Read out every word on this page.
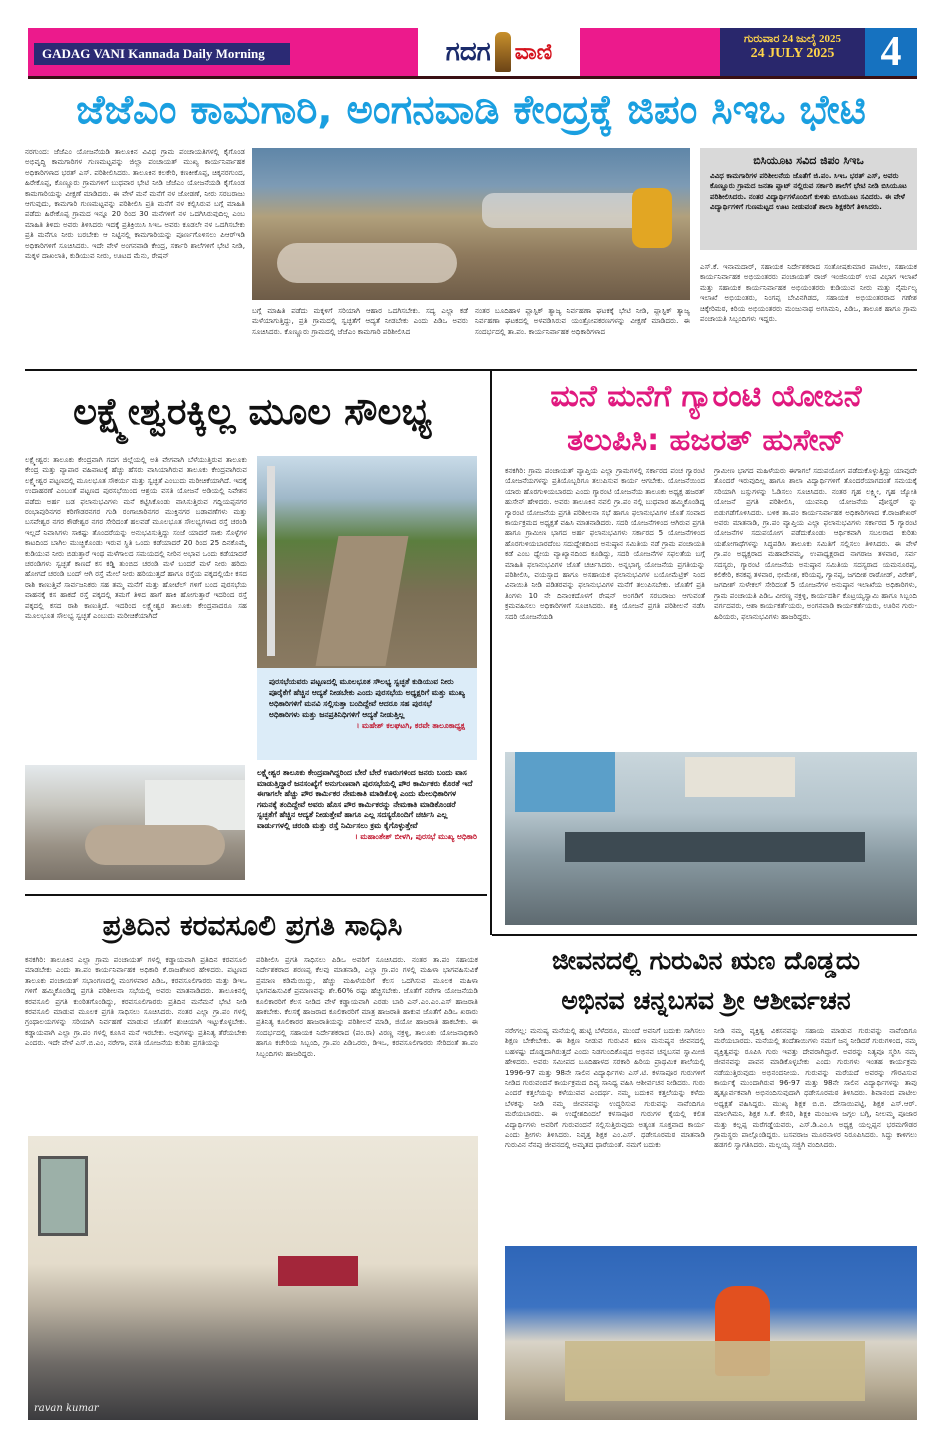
GADAG VANI Kannada Daily Morning	ಗದಗ ವಾಣಿ
ಗುರುವಾರ 24 ಜುಲೈ 2025
24 JULY 2025	4
ಜೆಜೆಎಂ ಕಾಮಗಾರಿ, ಅಂಗನವಾಡಿ ಕೇಂದ್ರಕ್ಕೆ ಜಿಪಂ ಸಿಇಒ ಭೇಟಿ
ನರಗುಂದ: ಜೆಜೆಎಂ ಯೋಜನೆಯಡಿ ತಾಲೂಕಿನ ವಿವಿಧ ಗ್ರಾಮ ಪಂಚಾಯತಿಗಳಲ್ಲಿ ಕೈಗೊಂಡ ಅಭಿವೃದ್ಧಿ ಕಾಮಗಾರಿಗಳ ಗುಣಮಟ್ಟವನ್ನು ಜಿಲ್ಲಾ ಪಂಚಾಯತ್ ಮುಖ್ಯ ಕಾರ್ಯನಿರ್ವಾಹಕ ಅಧಿಕಾರಿಗಳಾದ ಭರತ್ ಎಸ್. ಪರಿಶೀಲಿಸಿದರು. ತಾಲೂಕಿನ ಕಲಕೇರಿ, ಕಣಕೀಕೊಪ್ಪ, ಚಿಕ್ಕನರಗುಂದ, ಹಿರೇಕೊಪ್ಪ, ಕೊಣ್ಣೂರು ಗ್ರಾಮಗಳಿಗೆ ಬುಧವಾರ ಭೇಟಿ ನೀಡಿ ಜೆಜೆಎಂ ಯೋಜನೆಯಡಿ ಕೈಗೊಂಡ ಕಾಮಗಾರಿಯನ್ನು ವೀಕ್ಷಣೆ ಮಾಡಿದರು. ಈ ವೇಳೆ ಮನೆ ಮನೆಗೆ ನಳ ಜೋಡಣೆ, ನೀರು ಸರಬರಾಜು ಆಗುವುದು, ಕಾಮಗಾರಿ ಗುಣಮಟ್ಟವನ್ನು ಪರಿಶೀಲಿಸಿ ಪ್ರತಿ ಮನೆಗೆ ನಳ ಕಲ್ಪಿಸಿರುವ ಬಗ್ಗೆ ಮಾಹಿತಿ ಪಡೆದು ಹಿರೇಕೊಪ್ಪ ಗ್ರಾಮದ ಇನ್ನೂ 20 ರಿಂದ 30 ಮನೆಗಳಿಗೆ ನಳ ಒದಗಿಸಿರುವುದಿಲ್ಲ ಎಂಬ ಮಾಹಿತಿ ತಿಳಿದು ಅವರು ತಿಳಿಸಿದರು ಇದಕ್ಕೆ ಪ್ರತಿಕ್ರಿಯಿಸಿ ಸಿಇಒ ಅವರು ಕೂಡಲೇ ನಳ ಒದಗಿಸಬೇಕು ಪ್ರತಿ ಮನೆಗೂ ನೀರು ಬರಬೇಕು ಆ ನಿಟ್ಟಿನಲ್ಲಿ ಕಾಮಗಾರಿಯನ್ನು ಪೂರ್ಣಗೊಳಿಸಲು ಪಿಆರ್‌ಇಡಿ ಅಧಿಕಾರಿಗಳಿಗೆ ಸೂಚಿಸಿದರು. ಇದೇ ವೇಳೆ ಅಂಗನವಾಡಿ ಕೇಂದ್ರ, ಸರ್ಕಾರಿ ಶಾಲೆಗಳಿಗೆ ಭೇಟಿ ನೀಡಿ, ಮಕ್ಕಳ ದಾಖಲಾತಿ, ಕುಡಿಯುವ ನೀರು, ಊಟದ ಮೆನು, ರೇಷನ್
ಬಗ್ಗೆ ಮಾಹಿತಿ ಪಡೆದು ಮಕ್ಕಳಿಗೆ ಸರಿಯಾಗಿ ಆಹಾರ ಒದಗಿಸಬೇಕು. ಸದ್ಯ ಎಲ್ಲಾ ಕಡೆ ಮಳೆಯಾಗುತ್ತಿದ್ದು, ಪ್ರತಿ ಗ್ರಾಮದಲ್ಲಿ ಸ್ವಚ್ಛತೆಗೆ ಆದ್ಯತೆ ನೀಡಬೇಕು ಎಂದು ಪಿಡಿಒ ಅವರು ಸೂಚಿಸಿದರು. ಕೊಣ್ಣೂರು ಗ್ರಾಮದಲ್ಲಿ ಜೆಜೆಎಂ ಕಾಮಗಾರಿ ಪರಿಶೀಲಿಸಿದ
ನಂತರ ಬೂದಿಹಾಳ ಪ್ಲಾಸ್ಟಿಕ್ ತ್ಯಾಜ್ಯ ನಿರ್ವಹಣಾ ಘಟಕಕ್ಕೆ ಭೇಟಿ ನೀಡಿ, ಪ್ಲಾಸ್ಟಿಕ್ ತ್ಯಾಜ್ಯ ನಿರ್ವಹಣಾ ಘಟಕದಲ್ಲಿ ಅಳವಡಿಸಿರುವ ಯಂತ್ರೋಪಕರಣಗಳನ್ನು ವೀಕ್ಷಣೆ ಮಾಡಿದರು. ಈ ಸಂದರ್ಭದಲ್ಲಿ ತಾ.ಪಂ. ಕಾರ್ಯನಿರ್ವಾಹಕ ಅಧಿಕಾರಿಗಳಾದ
ಬಿಸಿಯೂಟ ಸವಿದ ಜಿಪಂ ಸಿಇಒ
ವಿವಿಧ ಕಾಮಗಾರಿಗಳ ಪರಿಶೀಲನೆಯ ಜೊತೆಗೆ ಜಿ.ಪಂ. ಸಿಇಒ ಭರತ್ ಎಸ್, ಅವರು ಕೊಣ್ಣೂರು ಗ್ರಾಮದ ಜನತಾ ಪ್ಲಾಟ್ ನಲ್ಲಿರುವ ಸರ್ಕಾರಿ ಶಾಲೆಗೆ ಭೇಟಿ ನೀಡಿ ಬಿಸಿಯೂಟ ಪರಿಶೀಲಿಸಿದರು. ನಂತರ ವಿದ್ಯಾರ್ಥಿಗಳೊಂದಿಗೆ ಕುಳಿತು ಬಿಸಿಯೂಟ ಸವಿದರು. ಈ ವೇಳೆ ವಿದ್ಯಾರ್ಥಿಗಳಿಗೆ ಗುಣಮಟ್ಟದ ಊಟ ನೀಡುವಂತೆ ಶಾಲಾ ಶಿಕ್ಷಕರಿಗೆ ತಿಳಿಸಿದರು.
ಎಸ್.ಕೆ. ಇನಾಮದಾರ್, ಸಹಾಯಕ ನಿರ್ದೇಶಕರಾದ ಸಂತೋಷಕುಮಾರ ಪಾಟೀಲ, ಸಹಾಯಕ ಕಾರ್ಯನಿರ್ವಾಹಕ ಅಭಿಯಂತರರು ಪಂಚಾಯತ್ ರಾಜ್ ಇಂಜಿನಿಯರ್ ಉಪ ವಿಭಾಗ ಇಲಾಖೆ ಮತ್ತು ಸಹಾಯಕ ಕಾರ್ಯನಿರ್ವಾಹಕ ಅಭಿಯಂತರರು ಕುಡಿಯುವ ನೀರು ಮತ್ತು ನೈರ್ಮಲ್ಯ ಇಲಾಖೆ ಅಭಿಯಂತರು, ನಿಂಗಪ್ಪ ಬೇವಿನಗಿಡದ, ಸಹಾಯಕ ಅಭಿಯಂತರರಾದ ಗಣೇಶ ಚಿಕ್ಕೇರಿಮಠ, ಕಿರಿಯ ಅಭಿಯಂತರರು ಮಂಜುನಾಥ ಅಗಸಿಮನಿ, ಪಿಡಿಒ, ತಾಲೂಕ ಹಾಗೂ ಗ್ರಾಮ ಪಂಚಾಯತಿ ಸಿಬ್ಬಂದಿಗಳು ಇದ್ದರು.
ಲಕ್ಷ್ಮೇಶ್ವರಕ್ಕಿಲ್ಲ ಮೂಲ ಸೌಲಭ್ಯ
ಲಕ್ಷ್ಮೇಶ್ವರ: ತಾಲೂಕು ಕೇಂದ್ರವಾಗಿ ಗದಗ ಜಿಲ್ಲೆಯಲ್ಲಿ ಅತಿ ವೇಗವಾಗಿ ಬೆಳೆಯುತ್ತಿರುವ ತಾಲೂಕು ಕೇಂದ್ರ ಮತ್ತು ವ್ಯಾಪಾರ ವಹಿವಾಟಕ್ಕೆ ಹೆಚ್ಚು ಹೆಸರು ವಾಸಿಯಾಗಿರುವ ತಾಲೂಕು ಕೇಂದ್ರವಾಗಿರುವ ಲಕ್ಷ್ಮೇಶ್ವರ ಪಟ್ಟಣದಲ್ಲಿ ಮೂಲಭೂತ ಸೌಕರ್ಯ ಮತ್ತು ಸ್ವಚ್ಛತೆ ಎಂಬುದು ಮರೀಚಿಕೆಯಾಗಿದೆ. ಇದಕ್ಕೆ ಉದಾಹರಣೆ ಎಂಬಂತೆ ಪಟ್ಟಣದ ಪುರಸಭೆಯಿಂದ ಆಶ್ರಯ ವಸತಿ ಯೋಜನೆ ಅಡಿಯಲ್ಲಿ ನಿವೇಶನ ಪಡೆದು ಅರ್ಹ ಬಡ ಫಲಾನುಭವಿಗಳು ಮನೆ ಕಟ್ಟಿಸಿಕೊಂಡು ವಾಸಿಸುತ್ತಿರುವ ಗದ್ದಿಯಪ್ಪನಗರ ರಂಭಾಪುರಿನಗರ ಕರಿಗೌಡರನಗರ ಗುಡಿ ರಂಗಾಚಾರಿನಗರ ಮುಕ್ತಿನಗರ ಬಡಾವಣೆಗಳು ಮತ್ತು ಬಸವೇಶ್ವರ ನಗರ ಕೌಡೇಶ್ವರ ನಗರ ಸೇರಿದಂತೆ ಹಲವಡೆ ಮೂಲಭೂತ ಸೌಲಭ್ಯಗಳಾದ ರಸ್ತೆ ಚರಂಡಿ ಇಲ್ಲದೆ ನಿವಾಸಿಗಳು ಸಾಕಷ್ಟು ತೊಂದರೆಯನ್ನು ಅನುಭವಿಸುತ್ತಿದ್ದು ಸಂಜೆ ಯಾದರೆ ಸಾಕು ಸೊಳ್ಳೆಗಳ ಕಾಟದಿಂದ ಬಾಗಿಲ ಮುಚ್ಚಿಕೊಂಡು ಇರುವ ಸ್ಥಿತಿ ಒಂದು ಕಡೆಯಾದರೆ 20 ರಿಂದ 25 ದಿನಕೊಮ್ಮೆ ಕುಡಿಯುವ ನೀರು ಬಿಡುತ್ತಾರೆ ಇಂಥ ಮಳೆಗಾಲದ ಸಮಯದಲ್ಲಿ ನೀರಿನ ಅಭಾವ ಒಂದು ಕಡೆಯಾದರೆ ಚರಂಡಿಗಳು ಸ್ವಚ್ಛತೆ ಕಾಣದೆ ಕಸ ಕಡ್ಡಿ ತುಂಬಿದ ಚರಂಡಿ ಮಳೆ ಬಂದರೆ ಮಳೆ ನೀರು ಹರಿದು ಹೋಗದೆ ಚರಂಡಿ ಬಂದ್ ಆಗಿ ರಸ್ತೆ ಮೇಲೆ ನೀರು ಹರಿಯುತ್ತದೆ ಹಾಗೂ ರಸ್ತೆಯ ಪಕ್ಕದಲ್ಲಿಯೇ ಕಸದ ರಾಶಿ ಕಾಣುತ್ತಿವೆ ಸಾರ್ವಜನಿಕರು ಸಹ ತಮ್ಮ ಮನೆಗೆ ಮತ್ತು ಹೋಟೆಲ್ ಗಳಿಗೆ ಬಂದ ಪುರಸಭೆಯ ವಾಹನಕ್ಕೆ ಕಸ ಹಾಕದೆ ರಸ್ತೆ ಪಕ್ಕದಲ್ಲಿ ತಮಗೆ ತಿಳಿದ ಹಾಗೆ ಹಾಕಿ ಹೋಗುತ್ತಾರೆ ಇದರಿಂದ ರಸ್ತೆ ಪಕ್ಕದಲ್ಲಿ ಕಸದ ರಾಶಿ ಕಾಣುತ್ತಿದೆ. ಇದರಿಂದ ಲಕ್ಷ್ಮೇಶ್ವರ ತಾಲೂಕು ಕೇಂದ್ರವಾದರೂ ಸಹ ಮೂಲಭೂತ ಸೌಲಭ್ಯ ಸ್ವಚ್ಛತೆ ಎಂಬುದು ಮರೀಚಿಕೆಯಾಗಿದೆ
ಪುರಸಭೆಯವರು ಪಟ್ಟಣದಲ್ಲಿ ಮೂಲಭೂತ ಸೌಲಭ್ಯ ಸ್ವಚ್ಛತೆ ಕುಡಿಯುವ ನೀರು ಪೂರೈಕೆಗೆ ಹೆಚ್ಚಿನ ಆದ್ಯತೆ ನೀಡಬೇಕು ಎಂದು ಪುರಸಭೆಯ ಅಧ್ಯಕ್ಷರಿಗೆ ಮತ್ತು ಮುಖ್ಯ ಅಧಿಕಾರಿಗಳಿಗೆ ಮನವಿ ಸಲ್ಲಿಸುತ್ತಾ ಬಂದಿದ್ದೇವೆ ಆದರೂ ಸಹ ಪುರಸಭೆ ಅಧಿಕಾರಿಗಳು ಮತ್ತು ಜನಪ್ರತಿನಿಧಿಗಳಿಗೆ ಆದ್ಯತೆ ನೀಡುತ್ತಿಲ್ಲ
। ಮಹೇಶ್ ಕಲಘಟಗಿ, ಕರವೇ ತಾಲೂಕಾಧ್ಯಕ್ಷ
ಲಕ್ಷ್ಮೇಶ್ವರ ತಾಲೂಕು ಕೇಂದ್ರವಾಗಿದ್ದರಿಂದ ಬೇರೆ ಬೇರೆ ಊರುಗಳಿಂದ ಜನರು ಬಂದು ವಾಸ ಮಾಡುತ್ತಿದ್ದಾರೆ ಜನಸಂಖ್ಯೆಗೆ ಅನುಗುಣವಾಗಿ ಪುರಸಭೆಯಲ್ಲಿ ಪೌರ ಕಾರ್ಮಿಕರು ಕೊರತೆ ಇದೆ ಈಗಾಗಲೇ ಹೆಚ್ಚು ಪೌರ ಕಾರ್ಮಿಕರ ನೇಮಕಾತಿ ಮಾಡಿಕೊಳ್ಳಿ ಎಂದು ಮೇಲಧಿಕಾರಿಗಳ ಗಮನಕ್ಕೆ ತಂದಿದ್ದೇವೆ ಅವರು ಹೊಸ ಪೌರ ಕಾರ್ಮಿಕರನ್ನು ನೇಮಕಾತಿ ಮಾಡಿಕೊಂಡರೆ ಸ್ವಚ್ಛತೆಗೆ ಹೆಚ್ಚಿನ ಆದ್ಯತೆ ನೀಡುತ್ತೇವೆ ಹಾಗೂ ಎಲ್ಲ ಸದಸ್ಯರೊಂದಿಗೆ ಚರ್ಚಿಸಿ ಎಲ್ಲ ವಾರ್ಡುಗಳಲ್ಲಿ ಚರಂಡಿ ಮತ್ತು ರಸ್ತೆ ನಿರ್ಮಿಸಲು ಕ್ರಮ ಕೈಗೊಳ್ಳುತ್ತೇವೆ
। ಮಹಾಂತೇಶ್ ಬೀಳಗಿ, ಪುರಸಭೆ ಮುಖ್ಯ ಅಧಿಕಾರಿ
ಮನೆ ಮನೆಗೆ ಗ್ಯಾರಂಟಿ ಯೋಜನೆ
ತಲುಪಿಸಿ: ಹಜರತ್ ಹುಸೇನ್
ಕನಕಗಿರಿ: ಗ್ರಾಮ ಪಂಚಾಯತ್ ವ್ಯಾಪ್ತಿಯ ಎಲ್ಲಾ ಗ್ರಾಮಗಳಲ್ಲಿ ಸರ್ಕಾರದ ಪಂಚ ಗ್ಯಾರಂಟಿ ಯೋಜನೆಯಗಳನ್ನು ಪ್ರತಿಯೊಬ್ಬರಿಗೂ ತಲುಪಿಸುವ ಕಾರ್ಯ ಆಗಬೇಕು. ಯೋಜನೆಯಿಂದ ಯಾರು ಹೊರಗುಳಿಯಬಾರದು ಎಂದು ಗ್ಯಾರಂಟಿ ಯೋಜನೆಯ ತಾಲೂಕು ಅಧ್ಯಕ್ಷ ಹಜರತ್ ಹುಸೇನ್ ಹೇಳಿದರು. ಅವರು ತಾಲೂಕಿನ ನವಲಿ ಗ್ರಾ.ಪಂ ನಲ್ಲಿ ಬುಧವಾರ ಹಮ್ಮಿಕೊಂಡಿದ್ದ ಗ್ಯಾರಂಟಿ ಯೋಜನೆಯ ಪ್ರಗತಿ ಪರಿಶೀಲನಾ ಸಭೆ ಹಾಗೂ ಫಲಾನುಭವಿಗಳ ಜೊತೆ ಸಂವಾದ ಕಾರ್ಯಕ್ರಮದ ಅಧ್ಯಕ್ಷತೆ ವಹಿಸಿ ಮಾತನಾಡಿದರು. ಸದರಿ ಯೋಜನೆಗಳಿಂದ ಆಗಿರುವ ಪ್ರಗತಿ ಹಾಗೂ ಗ್ರಾಮೀಣ ಭಾಗದ ಅರ್ಹ ಫಲಾನುಭವಿಗಳು ಸರ್ಕಾರದ 5 ಯೋಜನೆಗಳಿಂದ ಹೊರಗುಳಿಯಬಾರದೆಂಬ ಸದುದ್ದೇಶದಿಂದ ಅನುಷ್ಠಾನ ಸಮಿತಿಯ ನಡೆ ಗ್ರಾಮ ಪಂಚಾಯತಿ ಕಡೆ ಎಂಬ ಧ್ಯೇಯ ವ್ಯಾಖ್ಯಾನದಿಂದ ಕೂಡಿದ್ದು, ಸದರಿ ಯೋಜನೆಗಳ ಸಫಲತೆಯ ಬಗ್ಗೆ ಮಾಹಿತಿ ಫಲಾನುಭವಿಗಳ ಜೊತೆ ಚರ್ಚಿಸಿದರು. ಅನ್ನಭಾಗ್ಯ ಯೋಜನೆಯ ಪ್ರಗತಿಯನ್ನು ಪರಿಶೀಲಿಸಿ, ವಯಸ್ಸಾದ ಹಾಗೂ ಅಸಹಾಯಕ ಫಲಾನುಭವಿಗಳ ಬಯೋಮೆಟ್ರಿಕ್ ನಿಂದ ವಿನಾಯಿತಿ ನೀಡಿ ಪಡಿತರವನ್ನು ಫಲಾನುಭವಿಗಳ ಮನೆಗೆ ತಲುಪಿಸಬೇಕು. ಜೊತೆಗೆ ಪ್ರತಿ ತಿಂಗಳು 10 ನೇ ದಿನಾಂಕದೊಳಗೆ ರೇಷನ್ ಅಂಗಡಿಗೆ ಸರಬರಾಜು ಆಗುವಂತೆ ಕ್ರಮವಹಿಸಲು ಅಧಿಕಾರಿಗಳಿಗೆ ಸೂಚಿಸಿದರು. ಶಕ್ತಿ ಯೋಜನೆ ಪ್ರಗತಿ ಪರಿಶೀಲನೆ ನಡೆಸಿ ಸದರಿ ಯೋಜನೆಯಡಿ
ಗ್ರಾಮೀಣ ಭಾಗದ ಮಹಿಳೆಯರು ಈಗಾಗಲೆ ಸದುಪಯೋಗ ಪಡೆದುಕೊಳ್ಳುತ್ತಿದ್ದು ಯಾವುದೇ ತೊಂದರೆ ಇರುವುದಿಲ್ಲ ಹಾಗೂ ಶಾಲಾ ವಿದ್ಯಾರ್ಥಿಗಳಿಗೆ ತೊಂದರೆಯಾಗದಂತೆ ಸಮಯಕ್ಕೆ ಸರಿಯಾಗಿ ಬಸ್ಸುಗಳನ್ನು ಓಡಿಸಲು ಸೂಚಿಸಿದರು. ನಂತರ ಗೃಹ ಲಕ್ಷ್ಮೀ, ಗೃಹ ಜ್ಯೋತಿ ಯೋಜನೆ ಪ್ರಗತಿ ಪರಿಶೀಲಿಸಿ, ಯುವನಿಧಿ ಯೋಜನೆಯ ಪೋಸ್ಟರ್ ನ್ನು ಬಿಡುಗಡೆಗೊಳಿಸಿದರು. ಬಳಿಕ ತಾ.ಪಂ ಕಾರ್ಯನಿರ್ವಾಹಕ ಅಧಿಕಾರಿಗಳಾದ ಕೆ.ರಾಜಶೇಖರ್ ಅವರು ಮಾತನಾಡಿ, ಗ್ರಾ.ಪಂ ವ್ಯಾಪ್ತಿಯ ಎಲ್ಲಾ ಫಲಾನುಭವಿಗಳು ಸರ್ಕಾರದ 5 ಗ್ಯಾರಂಟಿ ಯೋಜನೆಗಳ ಸದುಪಯೋಗ ಪಡೆದುಕೊಂಡು ಆರ್ಥಿಕವಾಗಿ ಸಬಲರಾದ ಕುರಿತು ಯಶೋಗಾಥೆಗಳನ್ನು ಸಿದ್ಧಪಡಿಸಿ ತಾಲೂಕು ಸಮಿತಿಗೆ ಸಲ್ಲಿಸಲು ತಿಳಿಸಿದರು. ಈ ವೇಳೆ ಗ್ರಾ.ಪಂ ಅಧ್ಯಕ್ಷರಾದ ಮಹಾದೇವಮ್ಮ, ಉಪಾಧ್ಯಕ್ಷರಾದ ನಾಗರಾಜ ತಳವಾರ, ಸರ್ವ ಸದಸ್ಯರು, ಗ್ಯಾರಂಟಿ ಯೋಜನೆಯ ಅನುಷ್ಠಾನ ಸಮಿತಿಯ ಸದಸ್ಯರಾದ ಯಮನೂರಪ್ಪ, ಕಲಿಕೇರಿ, ಕನಕಪ್ಪ ತಳವಾರ, ಭೀಮೇಶ, ಕರಿಯಪ್ಪ, ಗ್ಯಾನಪ್ಪ, ಜಗದೀಶ ರಾಠೋಡ್, ವಿರೇಶ್, ಜಗದೀಶ್ ಸುಳೇಕಲ್ ಸೇರಿದಂತೆ 5 ಯೋಜನೆಗಳ ಅನುಷ್ಠಾನ ಇಲಾಖೆಯ ಅಧಿಕಾರಿಗಳು, ಗ್ರಾಮ ಪಂಚಾಯತಿ ಪಿಡಿಒ ವೀರಣ್ಣ ನಕ್ರಳ್ಳಿ, ಕಾರ್ಯದರ್ಶಿ ಕೊಟ್ರಯ್ಯಸ್ವಾಮಿ ಹಾಗೂ ಸಿಬ್ಬಂದಿ ವರ್ಗದವರು, ಆಶಾ ಕಾರ್ಯಕರ್ತೆಯರು, ಅಂಗನವಾಡಿ ಕಾರ್ಯಕರ್ತೆಯರು, ಊರಿನ ಗುರು-ಹಿರಿಯರು, ಫಲಾನುಭವಿಗಳು ಹಾಜರಿದ್ದರು.
ಪ್ರತಿದಿನ ಕರವಸೂಲಿ ಪ್ರಗತಿ ಸಾಧಿಸಿ
ಕನಕಗಿರಿ: ತಾಲೂಕಿನ ಎಲ್ಲಾ ಗ್ರಾಮ ಪಂಚಾಯತ್ ಗಳಲ್ಲಿ ಕಡ್ಡಾಯವಾಗಿ ಪ್ರತಿದಿನ ಕರವಸೂಲಿ ಮಾಡಬೇಕು ಎಂದು ತಾ.ಪಂ ಕಾರ್ಯನಿರ್ವಾಹಕ ಅಧಿಕಾರಿ ಕೆ.ರಾಜಶೇಖರ ಹೇಳಿದರು. ಪಟ್ಟಣದ ತಾಲೂಕು ಪಂಚಾಯತ್ ಸಭಾಂಗಣದಲ್ಲಿ ಮಂಗಳವಾರ ಪಿಡಿಒ, ಕರವಸೂಲಿಗಾರರು ಮತ್ತು ಡಿಇಒ ಗಳಿಗೆ ಹಮ್ಮಿಕೊಂಡಿದ್ದ ಪ್ರಗತಿ ಪರಿಶೀಲನಾ ಸಭೆಯಲ್ಲಿ ಅವರು ಮಾತನಾಡಿದರು. ತಾಲೂಕಿನಲ್ಲಿ ಕರವಸೂಲಿ ಪ್ರಗತಿ ಕುಂಠಿತಗೊಂಡಿದ್ದು, ಕರವಸೂಲಿಗಾರರು ಪ್ರತಿದಿನ ಮನೆಮನೆ ಭೇಟಿ ನೀಡಿ ಕರವಸೂಲಿ ಮಾಡುವ ಮೂಲಕ ಪ್ರಗತಿ ಸಾಧಿಸಲು ಸೂಚಿಸಿದರು. ನಂತರ ಎಲ್ಲಾ ಗ್ರಾ.ಪಂ ಗಳಲ್ಲಿ ಗ್ರಂಥಾಲಯಗಳನ್ನು ಸರಿಯಾಗಿ ನಿರ್ವಹಣೆ ಮಾಡುವ ಜೊತೆಗೆ ಶುಚಿಯಾಗಿ ಇಟ್ಟುಕೊಳ್ಳಬೇಕು. ಕಡ್ಡಾಯವಾಗಿ ಎಲ್ಲಾ ಗ್ರಾ.ಪಂ ಗಳಲ್ಲಿ ಕೂಸಿನ ಮನೆ ಇರಬೇಕು. ಅವುಗಳನ್ನು ಪ್ರತಿನಿತ್ಯ ತೆರೆಯಬೇಕು ಎಂದರು. ಇದೇ ವೇಳೆ ಎಸ್.ಬಿ.ಎಂ, ನರೇಗಾ, ವಸತಿ ಯೋಜನೆಯ ಕುರಿತು ಪ್ರಗತಿಯನ್ನು
ಪರಿಶೀಲಿಸಿ ಪ್ರಗತಿ ಸಾಧಿಸಲು ಪಿಡಿಒ ಅವರಿಗೆ ಸೂಚಿಸಿದರು. ನಂತರ ತಾ.ಪಂ ಸಹಾಯಕ ನಿರ್ದೇಶಕರಾದ ಶರಣಪ್ಪ ಕೆಲವು ಮಾತನಾಡಿ, ಎಲ್ಲಾ ಗ್ರಾ.ಪಂ ಗಳಲ್ಲಿ ಮಹಿಳಾ ಭಾಗವಹಿಸುವಿಕೆ ಪ್ರಮಾಣ ಕಡಿಮೆಯಿದ್ದು, ಹೆಚ್ಚು ಮಹಿಳೆಯರಿಗೆ ಕೆಲಸ ಒದಗಿಸುವ ಮೂಲಕ ಮಹಿಳಾ ಭಾಗವಹಿಸುವಿಕೆ ಪ್ರಮಾಣವನ್ನು ಶೇ.60% ರಷ್ಟು ಹೆಚ್ಚಿಸಬೇಕು. ಜೊತೆಗೆ ನರೇಗಾ ಯೋಜನೆಯಡಿ ಕೂಲಿಕಾರರಿಗೆ ಕೆಲಸ ನೀಡಿದ ವೇಳೆ ಕಡ್ಡಾಯವಾಗಿ ಎರಡು ಬಾರಿ ಎನ್.ಎಂ.ಎಂ.ಎಸ್ ಹಾಜರಾತಿ ಹಾಕಬೇಕು. ಕೆಲಸಕ್ಕೆ ಹಾಜರಾದ ಕೂಲಿಕಾರರಿಗೆ ಮಾತ್ರ ಹಾಜರಾತಿ ಹಾಕುವ ಜೊತೆಗೆ ಪಿಡಿಒ ಖರಾರು ಪ್ರತಿನಿತ್ಯ ಕೂಲಿಕಾರರ ಹಾಜರಾತಿಯನ್ನು ಪರಿಶೀಲನೆ ಮಾಡಿ, ಜಿಯೋ ಹಾಜರಾತಿ ಹಾಕಬೇಕು. ಈ ಸಂದರ್ಭದಲ್ಲಿ ಸಹಾಯಕ ನಿರ್ದೇಶಕರಾದ (ಪಂ.ರಾ) ವಿರಣ್ಣ ನಕ್ರಳ್ಳಿ, ತಾಲೂಕು ಯೋಜನಾಧಿಕಾರಿ ಹಾಗೂ ಕಚೇರಿಯ ಸಿಬ್ಬಂದಿ, ಗ್ರಾ.ಪಂ ಪಿಡಿಒರರು, ಡಿಇಒ, ಕರವಸೂಲಿಗಾರರು ಸೇರಿದಂತೆ ತಾ.ಪಂ ಸಿಬ್ಬಂದಿಗಳು ಹಾಜರಿದ್ದರು.
ravan kumar
ಜೀವನದಲ್ಲಿ ಗುರುವಿನ ಋಣ ದೊಡ್ಡದು
ಅಭಿನವ ಚನ್ನಬಸವ ಶ್ರೀ ಆಶೀರ್ವಚನ
ನರೇಗಲ್ಲ: ಮನುಷ್ಯ ಮನೆಯಲ್ಲಿ ಹುಟ್ಟಿ ಬೆಳೆದರೂ, ಮುಂದೆ ಅವನಿಗೆ ಬದುಕು ಸಾಗಿಸಲು ಶಿಕ್ಷಣ ಬೇಕೇಬೇಕು. ಈ ಶಿಕ್ಷಣ ನೀಡುವ ಗುರುವಿನ ಋಣ ಮನುಷ್ಯನ ಜೀವನದಲ್ಲಿ ಬಹಳಷ್ಟು ದೊಡ್ಡದಾಗಿರುತ್ತದೆ ಎಂದು ನಿಡಗುಂದಿಕೊಪ್ಪದ ಅಭಿನವ ಚನ್ನಬಸವ ಸ್ವಾಮೀಜಿ ಹೇಳಿದರು. ಅವರು ಸಮೀಪದ ಬೂದಿಹಾಳದ ಸರಕಾರಿ ಹಿರಿಯ ಪ್ರಾಥಮಿಕ ಶಾಲೆಯಲ್ಲಿ 1996-97 ಮತ್ತು 98ನೇ ಸಾಲಿನ ವಿದ್ಯಾರ್ಥಿಗಳು ಎಸ್.ಟಿ. ಕಳಸಾಪೂರ ಗುರುಗಳಿಗೆ ನೀಡಿದ ಗುರುವಂದನೆ ಕಾರ್ಯಕ್ರಮದ ದಿವ್ಯ ಸಾನಿಧ್ಯ ವಹಿಸಿ ಆಶೀರ್ವಚನ ನೀಡಿದರು. ಗುರು ಎಂದರೆ ಕತ್ತಲೆಯನ್ನು ಕಳೆಯುವವ ಎಂದರ್ಥ. ನಮ್ಮ ಬದುಕಿನ ಕತ್ತಲೆಯನ್ನು ಕಳೆದು ಬೆಳಕನ್ನು ನೀಡಿ ನಮ್ಮ ಜೀವನವನ್ನು ಉದ್ಧರಿಸುವ ಗುರುವನ್ನು ನಾವೆಂದಿಗೂ ಮರೆಯಬಾರದು. ಈ ಉದ್ದೇಶದಿಂದಲೆ ಕಳಸಾಪೂರ ಗುರುಗಳ ಕೈಯಲ್ಲಿ ಕಲಿತ ವಿದ್ಯಾರ್ಥಿಗಳು ಅವರಿಗೆ ಗುರುವಂದನೆ ಸಲ್ಲಿಸುತ್ತಿರುವುದು ಅತ್ಯಂತ ಸೂಕ್ತವಾದ ಕಾರ್ಯ ಎಂದು ಶ್ರೀಗಳು ತಿಳಿಸಿದರು. ನಿವೃತ್ತ ಶಿಕ್ಷಕ ಎಂ.ಎಸ್. ಧಡೇಸೂರಮಠ ಮಾತನಾಡಿ ಗುರುವಿನ ನೆನಪು ಜೀವನದಲ್ಲಿ ಅಮೃತದ ಧಾರೆಯಂತೆ. ನಮಗೆ ಬದುಕು
ನೀಡಿ ನಮ್ಮ ವ್ಯಕ್ತಿತ್ವ ವಿಕಸನವನ್ನು ಸಹಾಯ ಮಾಡುವ ಗುರುವನ್ನು ನಾವೆಂದಿಗೂ ಮರೆಯಬಾರದು. ಮನೆಯಲ್ಲಿ ತಂದೆತಾಯಿಗಳು ನಮಗೆ ಜನ್ಮ ನೀಡಿದರೆ ಗುರುಗಳಿಂದ, ನಮ್ಮ ವ್ಯಕ್ತಿತ್ವವನ್ನು ರೂಪಿಸಿ ಗುರು ಇವತ್ತು ದೇವರಾಗಿದ್ದಾರೆ. ಅವರನ್ನು ನಿತ್ಯವೂ ಸ್ಮರಿಸಿ ನಮ್ಮ ಜೀವನವನ್ನು ಪಾವನ ಮಾಡಿಕೊಳ್ಳಬೇಕು ಎಂದು ಗುರುಗಳು ಇಂತಹ ಕಾರ್ಯಕ್ರಮ ನಡೆಯುತ್ತಿರುವುದು ಅಭಿನಂದನೀಯ. ಗುರುವನ್ನು ಮರೆಯದೆ ಅವರನ್ನು ಗೌರವಿಸುವ ಕಾರ್ಯಕ್ಕೆ ಮುಂದಾಗಿರುವ 96-97 ಮತ್ತು 98ನೇ ಸಾಲಿನ ವಿದ್ಯಾರ್ಥಿಗಳನ್ನು ತಾವು ಹೃತ್ಪೂರ್ವಕವಾಗಿ ಅಭಿನಂದಿಸುವುದಾಗಿ ಧಡೇಸೂರಮಠ ತಿಳಿಸಿದರು. ಶಿವಾನಂದ ಪಾಟೀಲ ಅಧ್ಯಕ್ಷತೆ ವಹಿಸಿದ್ದರು. ಮುಖ್ಯ ಶಿಕ್ಷಕ ಬಿ.ಬಿ. ದೇಸಾಯಿಪಟ್ಟಿ, ಶಿಕ್ಷಕ ಎಸ್.ಆರ್. ಮಾಲಗಿಮನಿ, ಶಿಕ್ಷಕ ಸಿ.ಕೆ. ಕೇಸರಿ, ಶಿಕ್ಷಕಿ ಮಂಜುಳಾ ಜಗ್ಗಲ ಬಗ್ಗಿ, ನೀಲಮ್ಮ ಪೂಜಾರ ಮತ್ತು ಕಲ್ಲಪ್ಪ ಮರೆಗಡ್ಡೆಯವರು, ಎಸ್.ಡಿ.ಎಂ.ಸಿ ಅಧ್ಯಕ್ಷ ಯಲ್ಲಪ್ಪನ ಭರಮಗೌಡರ ಗ್ರಾಮಸ್ಥರು ಪಾಲ್ಗೊಂಡಿದ್ದರು. ಬಸವರಾಜ ಮೂರನಾಳರ ನಿರೂಪಿಸಿದರು. ಸಿದ್ದು ಕಾಳಿಗಲು ಹಡಗಲಿ ಸ್ವಾಗತಿಸಿದರು. ಮಲ್ಲಯ್ಯ ಸಜ್ಜಿಗಿ ವಂದಿಸಿದರು.
